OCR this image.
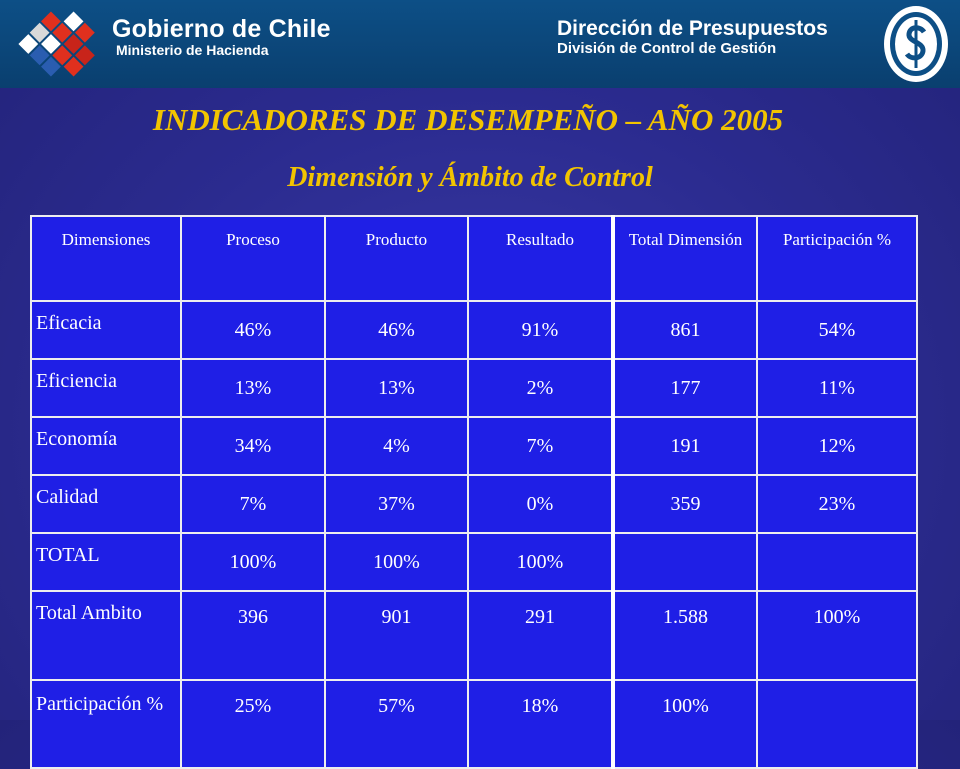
Gobierno de Chile
Ministerio de Hacienda
Dirección de Presupuestos
División de Control de Gestión
INDICADORES DE DESEMPEÑO – AÑO 2005
Dimensión y Ámbito de Control
Dimensiones	Proceso	Producto	Resultado	Total Dimensión	Participación %
Eficacia	46%	46%	91%	861	54%
Eficiencia	13%	13%	2%	177	11%
Economía	34%	4%	7%	191	12%
Calidad	7%	37%	0%	359	23%
TOTAL	100%	100%	100%		
Total Ambito	396	901	291	1.588	100%
Participación %	25%	57%	18%	100%	
